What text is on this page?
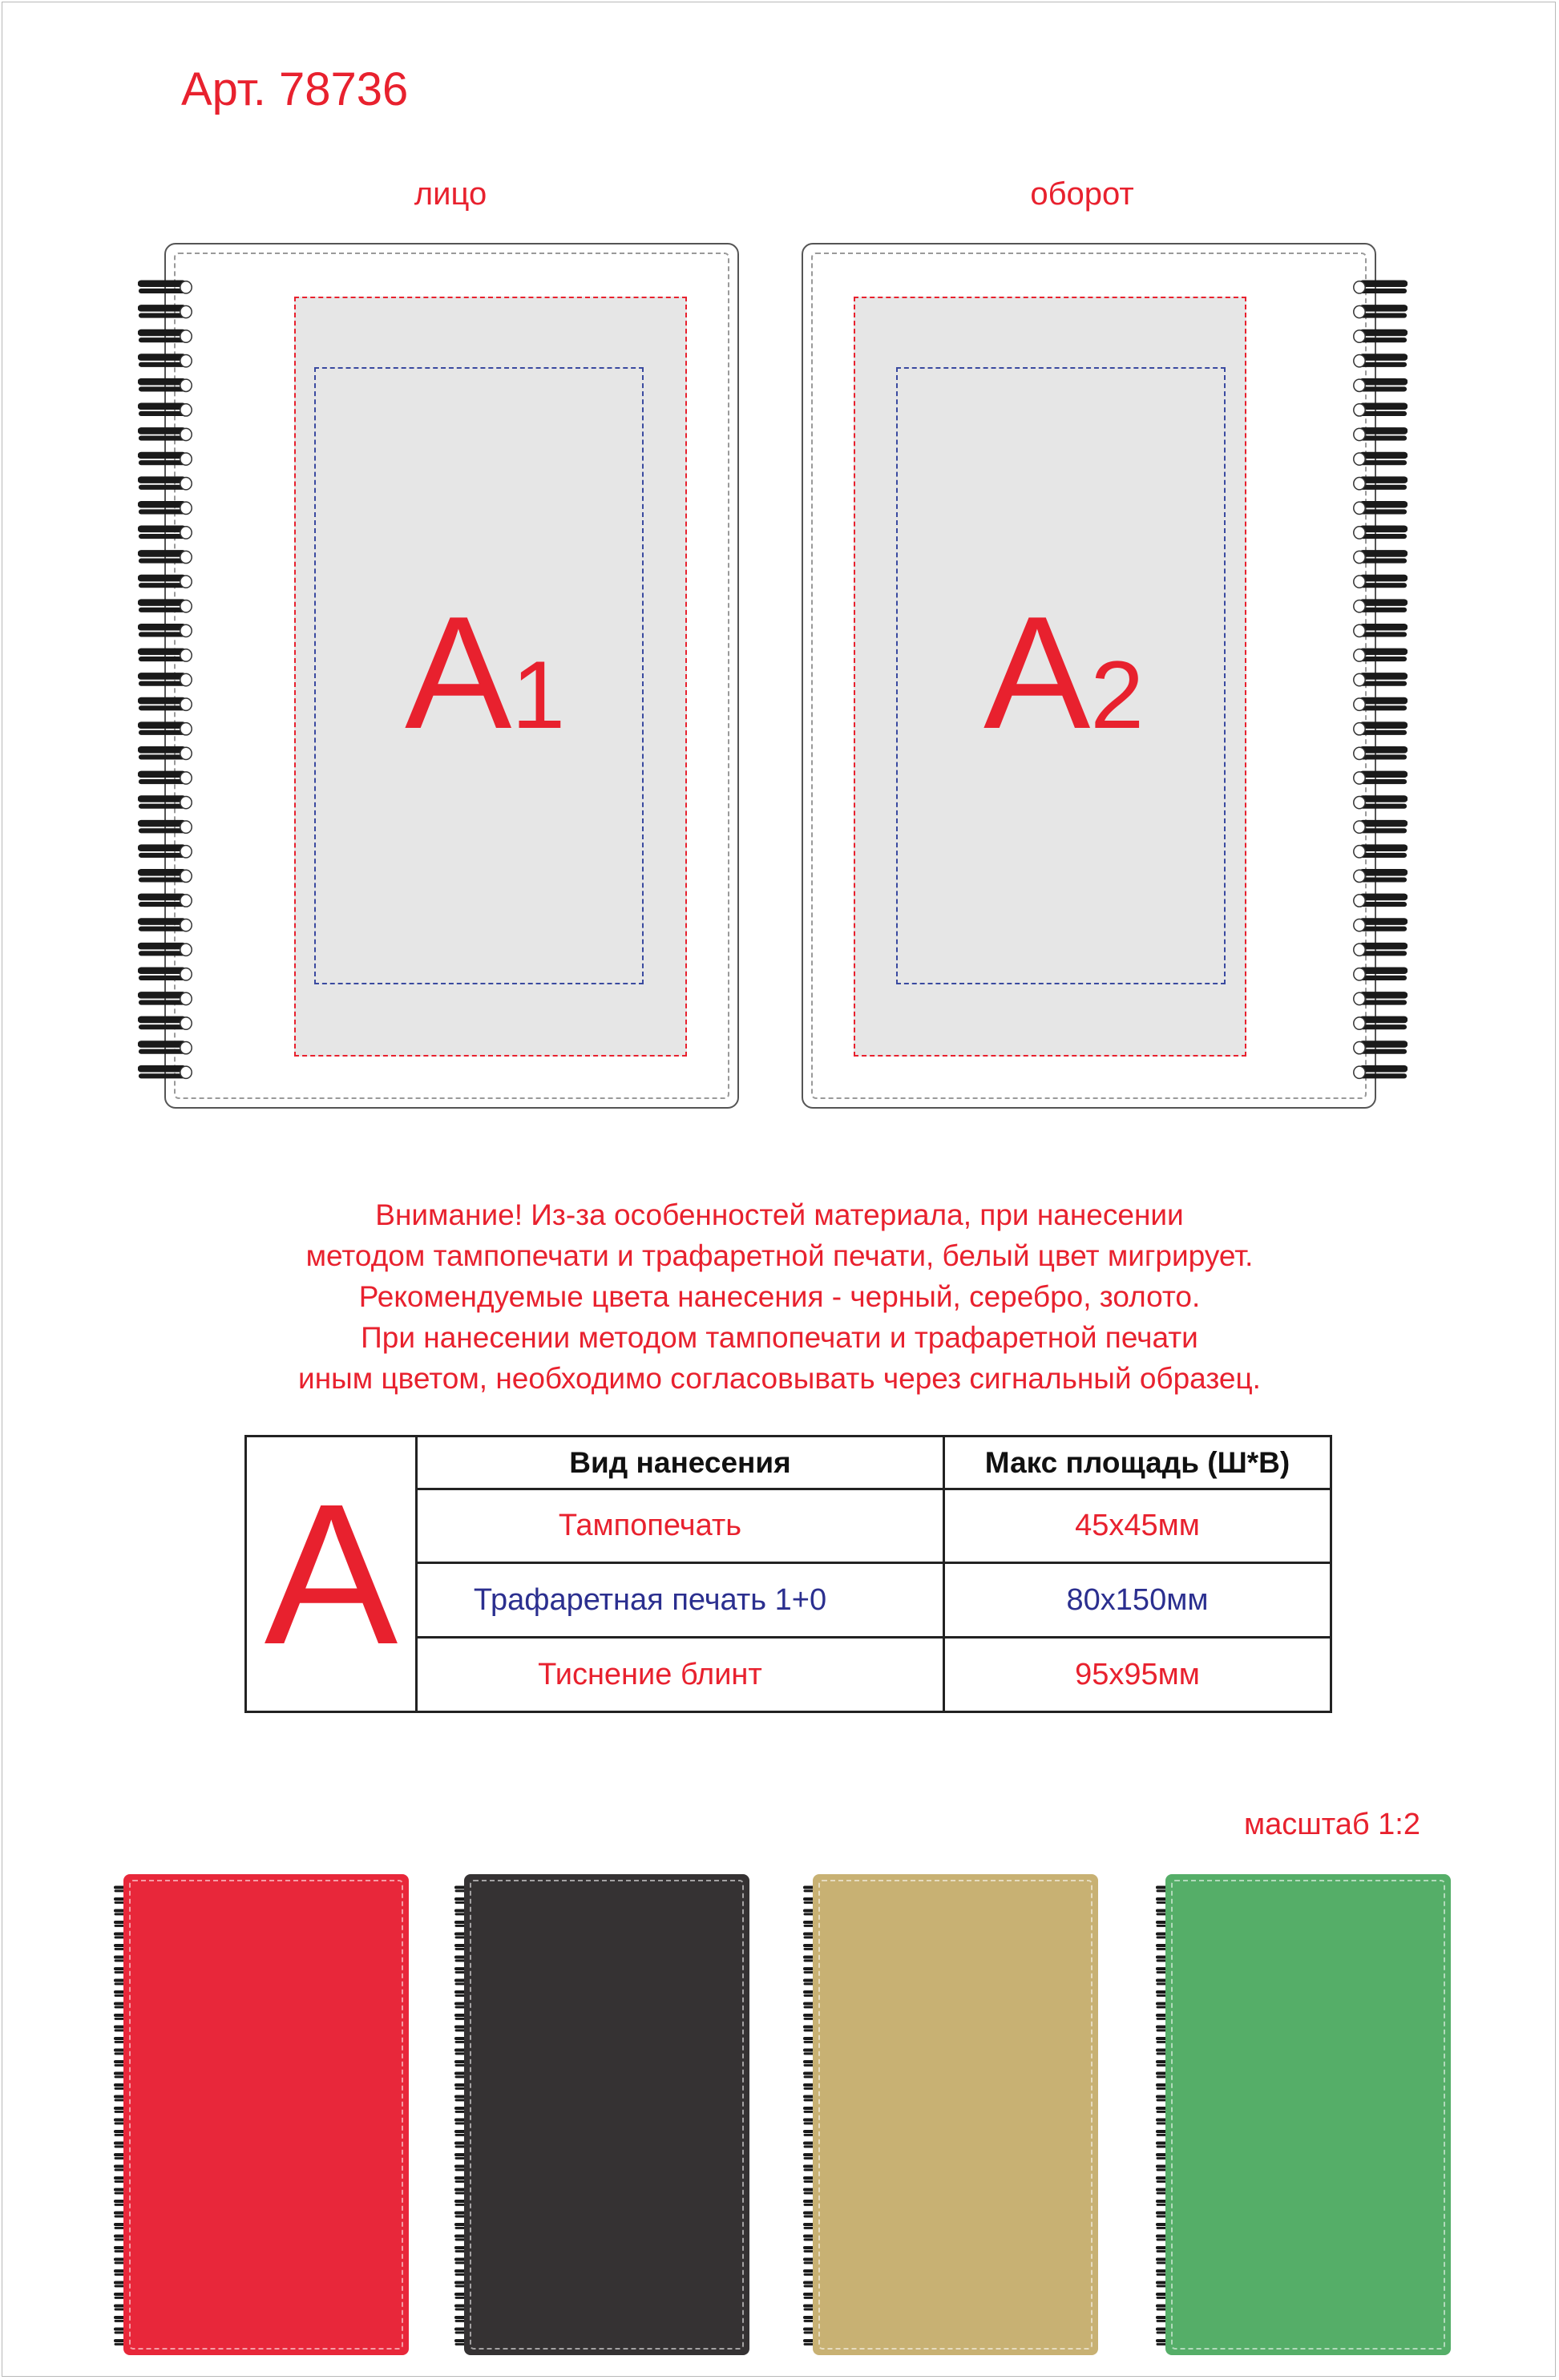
Арт. 78736
лицо	оборот
A1	A2
Внимание! Из-за особенностей материала, при нанесении
методом тампопечати и трафаретной печати, белый цвет мигрирует.
Рекомендуемые цвета нанесения - черный, серебро, золото.
При нанесении методом тампопечати и трафаретной печати
иным цветом, необходимо согласовывать через сигнальный образец.
A	Вид нанесения	Макс площадь (Ш*В)
Тампопечать	45x45мм
Трафаретная печать 1+0	80x150мм
Тиснение блинт	95x95мм
масштаб 1:2
